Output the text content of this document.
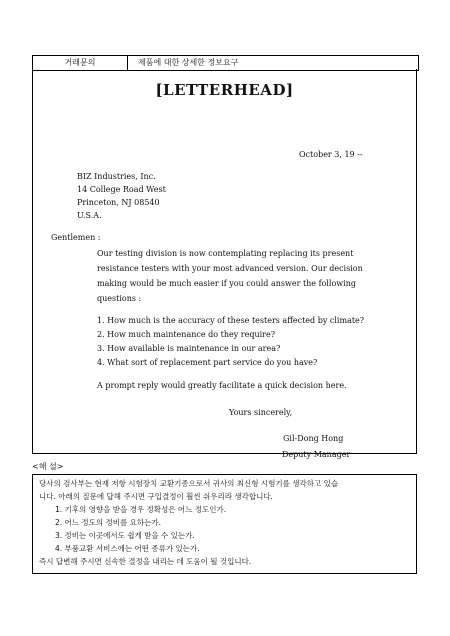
거래문의	제품에 대한 상세한 정보요구
[LETTERHEAD]
October 3, 19 --
BIZ Industries, Inc.
14 College Road West
Princeton, NJ 08540
U.S.A.
Gentlemen :
Our testing division is now contemplating replacing its present
resistance testers with your most advanced version. Our decision
making would be much easier if you could answer the following
questions :
1. How much is the accuracy of these testers affected by climate?
2. How much maintenance do they require?
3. How available is maintenance in our area?
4. What sort of replacement part service do you have?
A prompt reply would greatly facilitate a quick decision here.
Yours sincerely,
Gil-Dong Hong
Deputy Manager
<해 설>
당사의 검사부는 현재 저항 시험장치 교환기종으로서 귀사의 최신형 시험기를 생각하고 있습
니다. 아래의 질문에 답해 주시면 구입결정이 훨씬 쉬우리라 생각합니다.
1. 기후의 영향을 받을 경우 정확성은 어느 정도인가.
2. 어느 정도의 정비를 요하는가.
3. 정비는 이곳에서도 쉽게 받을 수 있는가.
4. 부품교환 서비스에는 어떤 종류가 있는가.
즉시 답변해 주시면 신속한 결정을 내리는 데 도움이 될 것입니다.
